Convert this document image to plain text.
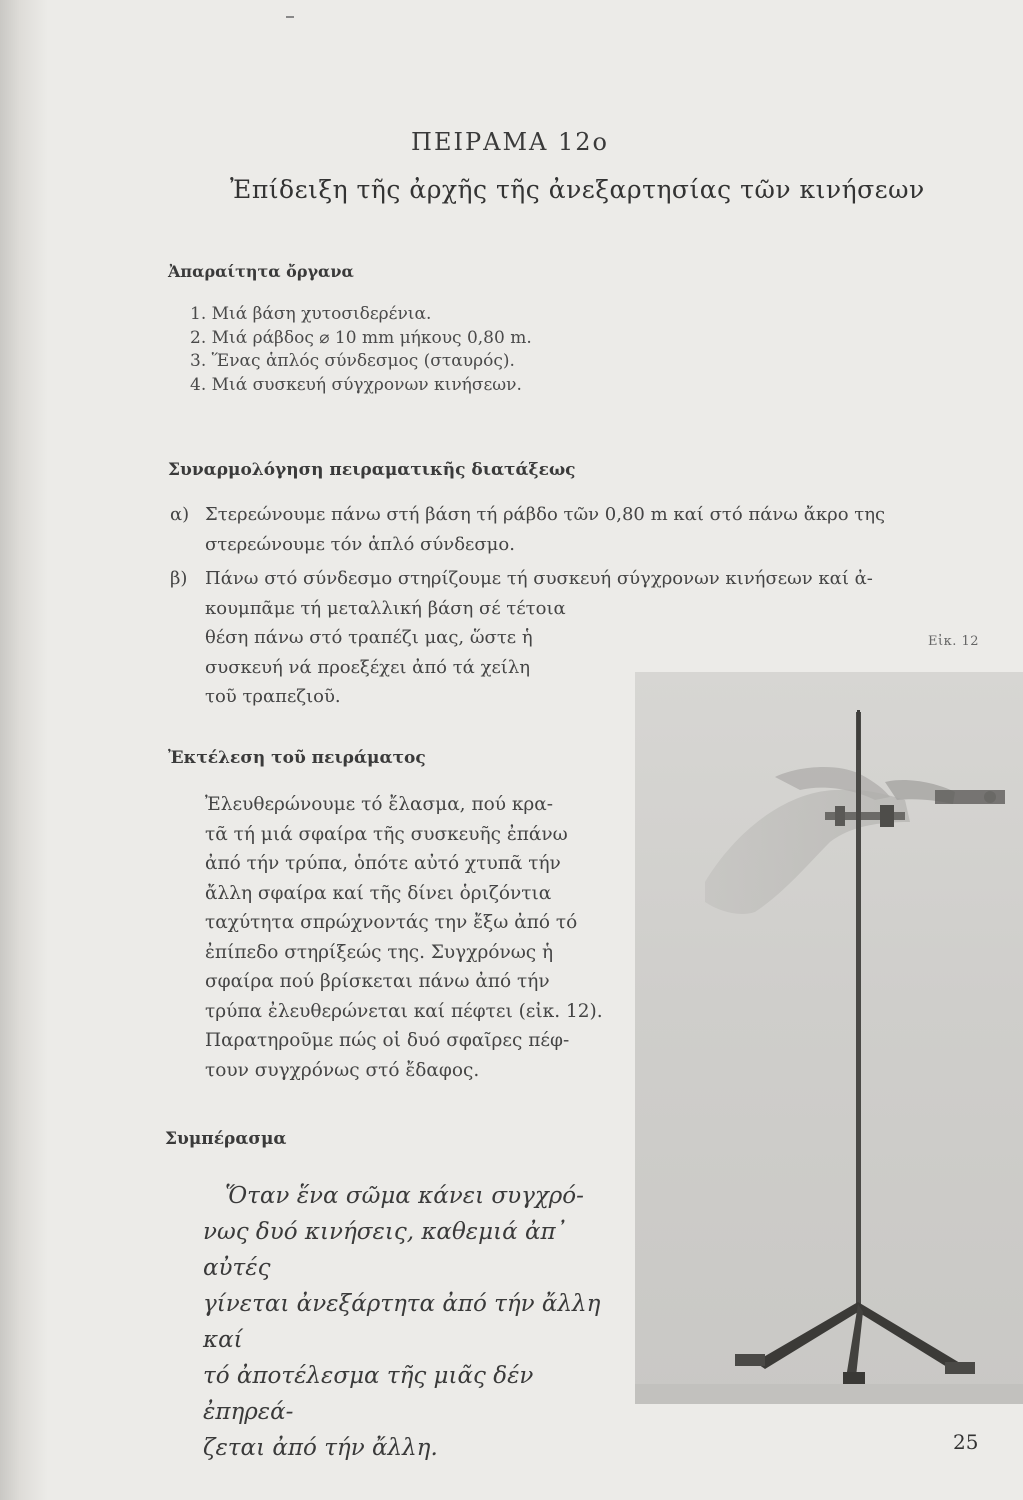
ΠΕΙΡΑΜΑ 12ο
Ἐπίδειξη τῆς ἀρχῆς τῆς ἀνεξαρτησίας τῶν κινήσεων
Ἀπαραίτητα ὄργανα
1. Μιά βάση χυτοσιδερένια.
2. Μιά ράβδος ⌀ 10 mm μήκους 0,80 m.
3. Ἕνας ἁπλός σύνδεσμος (σταυρός).
4. Μιά συσκευή σύγχρονων κινήσεων.
Συναρμολόγηση πειραματικῆς διατάξεως
α) Στερεώνουμε πάνω στή βάση τή ράβδο τῶν 0,80 m καί στό πάνω ἄκρο της
στερεώνουμε τόν ἁπλό σύνδεσμο.
β) Πάνω στό σύνδεσμο στηρίζουμε τή συσκευή σύγχρονων κινήσεων καί ἀ-
κουμπᾶμε τή μεταλλική βάση σέ τέτοια
θέση πάνω στό τραπέζι μας, ὥστε ἡ
συσκευή νά προεξέχει ἀπό τά χείλη
τοῦ τραπεζιοῦ.
Εἰκ. 12
Ἐκτέλεση τοῦ πειράματος
Ἐλευθερώνουμε τό ἔλασμα, πού κρα-
τᾶ τή μιά σφαίρα τῆς συσκευῆς ἐπάνω
ἀπό τήν τρύπα, ὁπότε αὐτό χτυπᾶ τήν
ἄλλη σφαίρα καί τῆς δίνει ὁριζόντια
ταχύτητα σπρώχνοντάς την ἔξω ἀπό τό
ἐπίπεδο στηρίξεώς της. Συγχρόνως ἡ
σφαίρα πού βρίσκεται πάνω ἀπό τήν
τρύπα ἐλευθερώνεται καί πέφτει (εἰκ. 12).
Παρατηροῦμε πώς οἱ δυό σφαῖρες πέφ-
τουν συγχρόνως στό ἔδαφος.
Συμπέρασμα
Ὅταν ἕνα σῶμα κάνει συγχρό-
νως δυό κινήσεις, καθεμιά ἀπ᾽ αὐτές
γίνεται ἀνεξάρτητα ἀπό τήν ἄλλη καί
τό ἀποτέλεσμα τῆς μιᾶς δέν ἐπηρεά-
ζεται ἀπό τήν ἄλλη.	25
